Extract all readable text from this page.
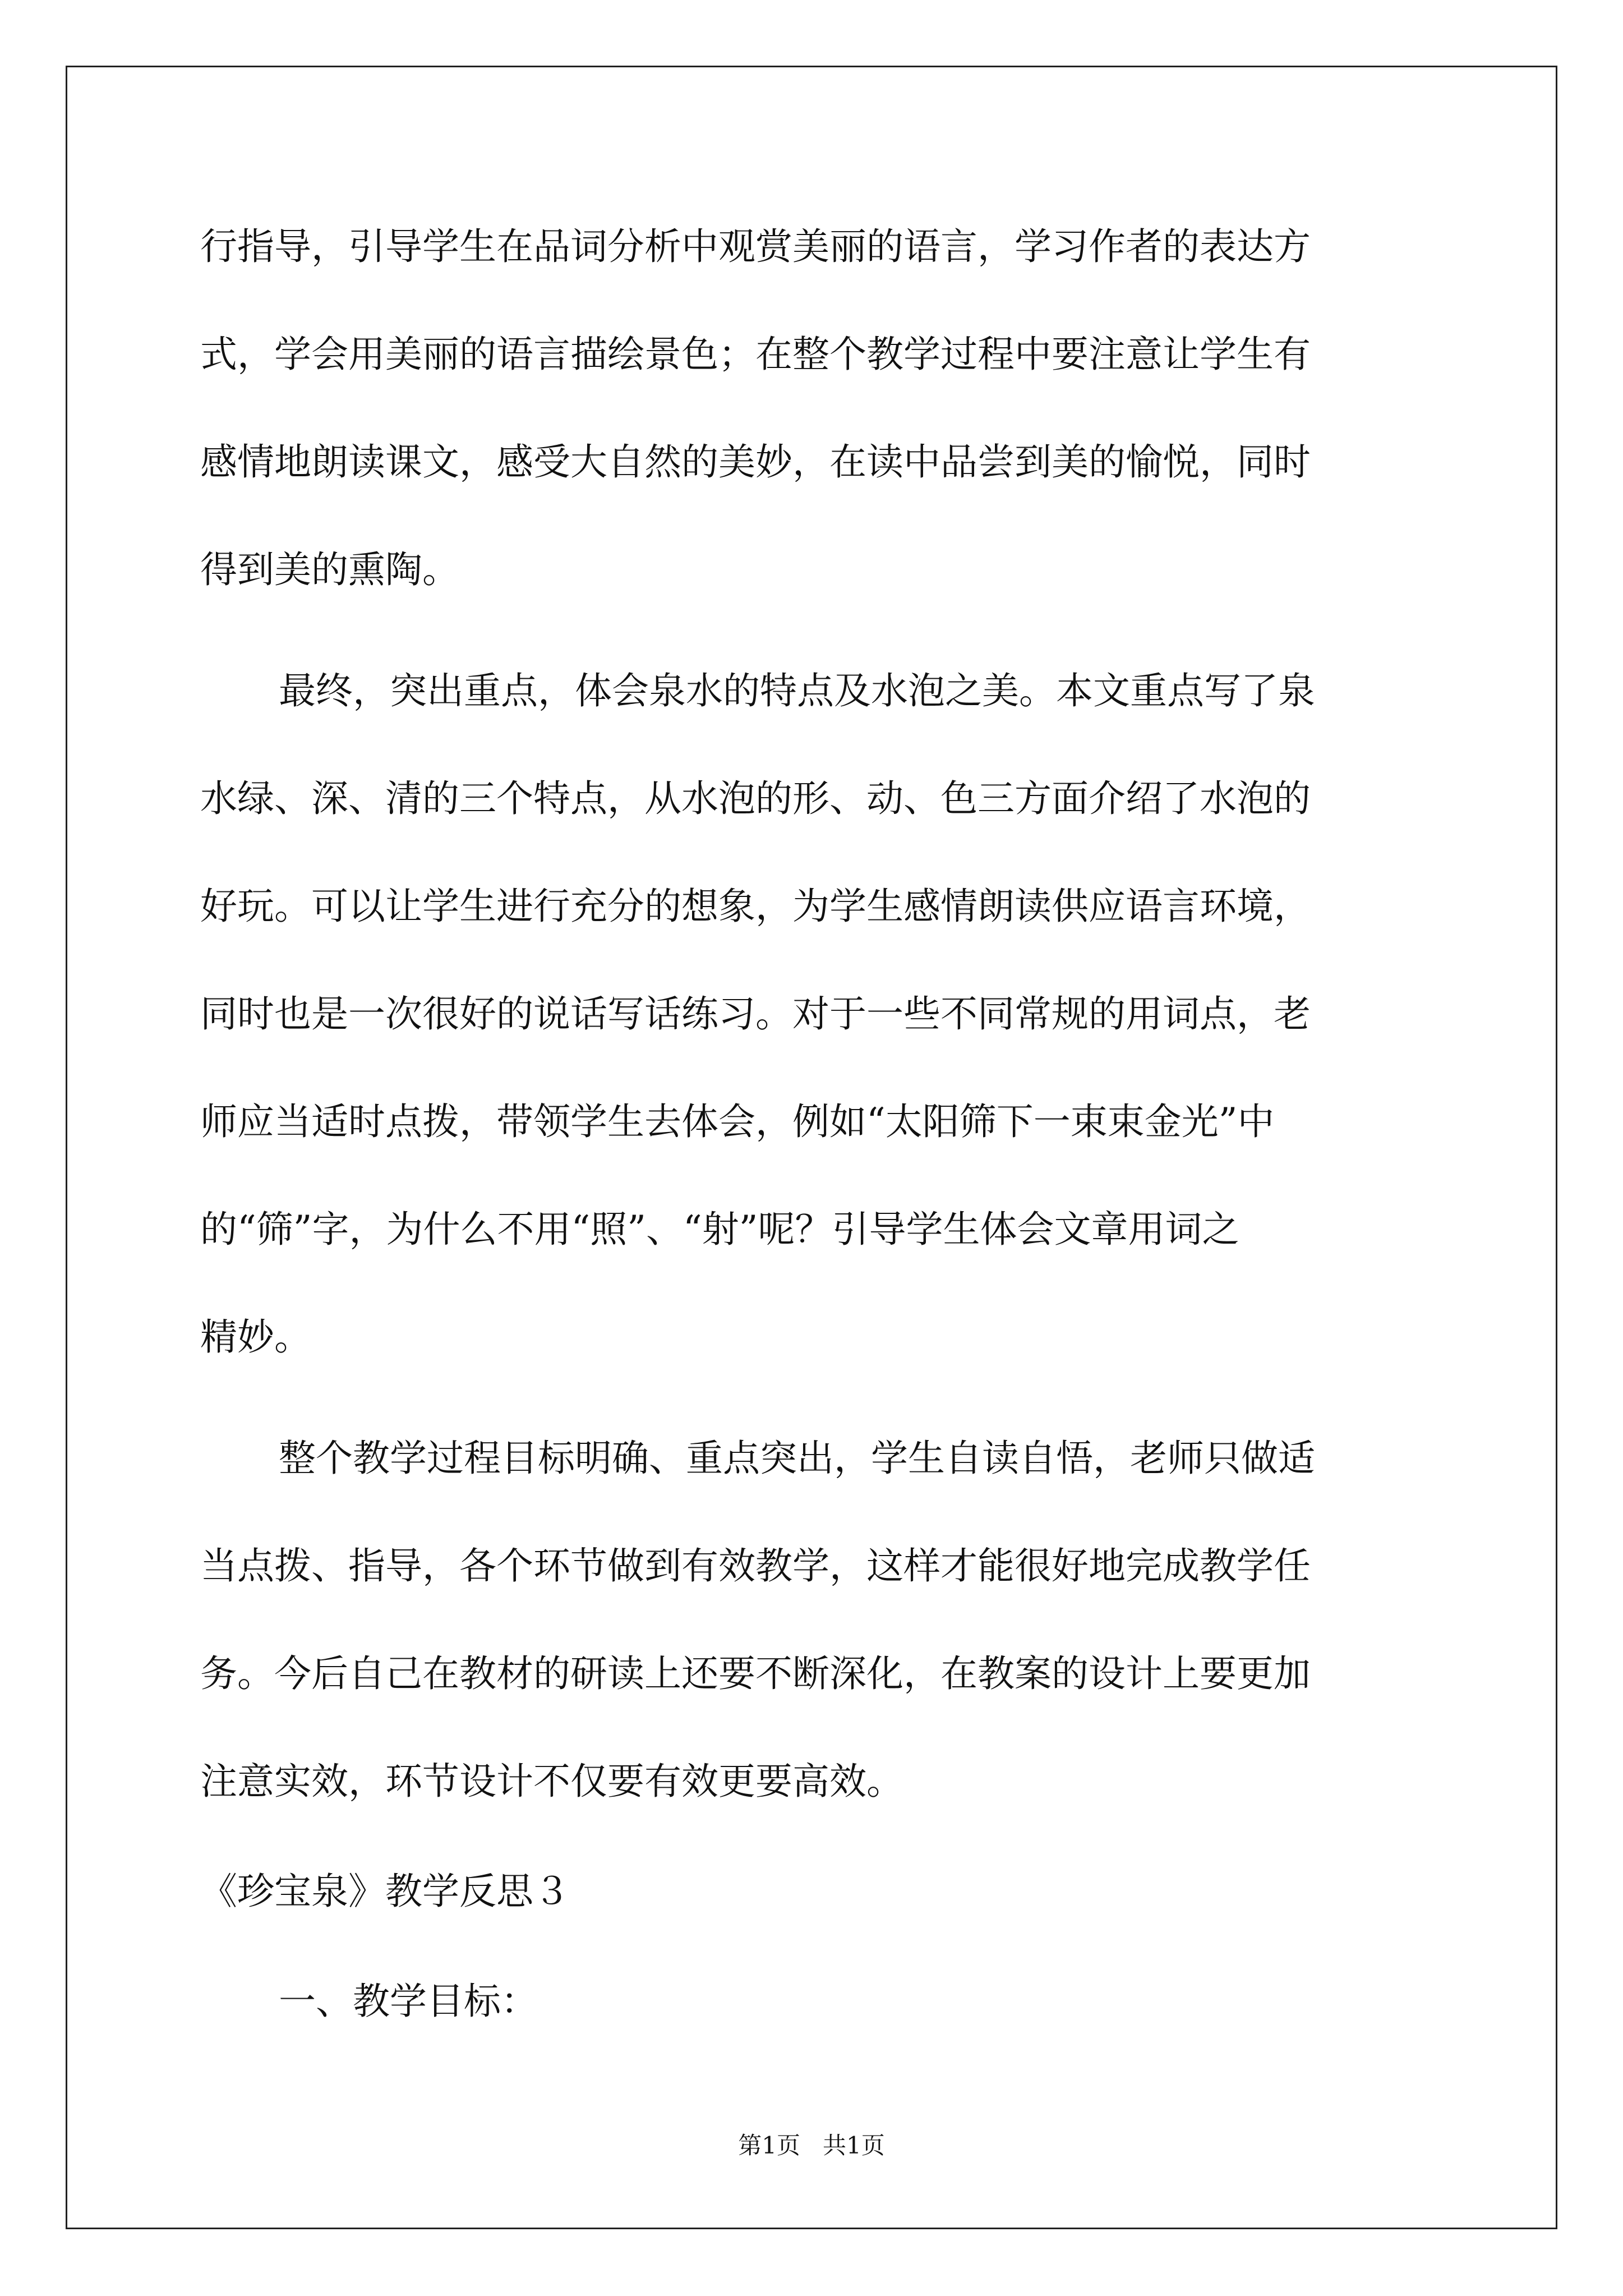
行指导，引导学生在品词分析中观赏美丽的语言，学习作者的表达方
式，学会用美丽的语言描绘景色；在整个教学过程中要注意让学生有
感情地朗读课文，感受大自然的美妙，在读中品尝到美的愉悦，同时
得到美的熏陶。
最终，突出重点，体会泉水的特点及水泡之美。本文重点写了泉
水绿、深、清的三个特点，从水泡的形、动、色三方面介绍了水泡的
好玩。可以让学生进行充分的想象，为学生感情朗读供应语言环境，
同时也是一次很好的说话写话练习。对于一些不同常规的用词点，老
师应当适时点拨，带领学生去体会，例如“太阳筛下一束束金光”中
的“筛”字，为什么不用“照”、“射”呢？引导学生体会文章用词之
精妙。
整个教学过程目标明确、重点突出，学生自读自悟，老师只做适
当点拨、指导，各个环节做到有效教学，这样才能很好地完成教学任
务。今后自己在教材的研读上还要不断深化，在教案的设计上要更加
注意实效，环节设计不仅要有效更要高效。
《珍宝泉》教学反思３
一、教学目标：
第1页   共1页
